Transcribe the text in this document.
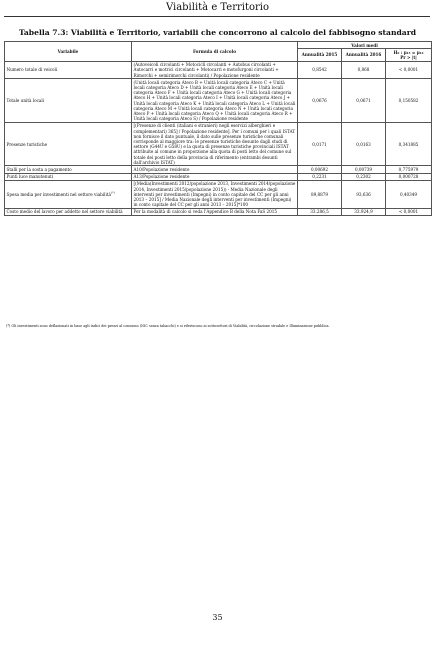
Viabilità e Territorio
Tabella 7.3: Viabilità e Territorio, variabili che concorrono al calcolo del fabbisogno standard
Variabile	Formula di calcolo	Valori medi		
		Annualità 2015	Annualità 2016	H₀ : μ₁₅ = μ₁₆
Pr > |t|
Numero totale di veicoli	(Autoveicoli circolanti + Motocicli circolanti + Autobus circolanti + Autocarri e motrici circolanti + Motocarri e motofurgoni circolanti + Rimorchi + semirimorchi circolanti) / Popolazione residente	0,8542	0,868	< 0,0001
Totale unità locali	(Unità locali categoria Ateco B + Unità locali categoria Ateco C + Unità locali categoria Ateco D + Unità locali categoria Ateco E + Unità locali categoria Ateco F + Unità locali categoria Ateco G + Unità locali categoria Ateco H + Unità locali categoria Ateco I + Unità locali categoria Ateco J + Unità locali categoria Ateco K + Unità locali categoria Ateco L + Unità locali categoria Ateco M + Unità locali categoria Ateco N + Unità locali categoria Ateco P + Unità locali categoria Ateco Q + Unità locali categoria Ateco R + Unità locali categoria Ateco S) / Popolazione residente	0,0676	0,0671	0,150582
Presenze turistiche	[(Presenze di clienti (italiani e stranieri) negli esercizi alberghieri e complementari) 365] / Popolazione residente]. Per i comuni per i quali ISTAT non fornisce il dato puntuale, il dato sulle presenze turistiche comunali corrisponde al maggiore tra: le presenze turistiche desunte dagli studi di settore (G44U e G58U) e la quota di presenze turistiche provinciali ISTAT attribuite al comune in proporzione alla quota di posti letto del comune sul totale dei posti letto della provincia di riferimento (entrambi desunti dall'archivio ISTAT)	0,0171	0,0163	0,341885
Stalli per la sosta a pagamento	A10/Popolazione residente	0,00692	0,00739	0,775979
Punti luce manutenuti	A13/Popolazione residente	0,2231	0,2302	0,000728
Spesa media per investimenti nel settore viabilità(*)	[(Media(Investimenti 2012/popolazione 2013, Investimenti 2014/popolazione 2014, Investimenti 2015/popolazione 2015)) - Media Nazionale degli interventi per investimenti (Impegni) in conto capitale del CC per gli anni 2013 – 2015] / Media Nazionale degli interventi per investimenti (Impegni) in conto capitale del CC per gli anni 2013 – 2015]*100	89,8879	93,636	0,40349
Costo medio del lavoro per addetto nel settore viabilità	Per la modalità di calcolo si veda l'Appendice B della Nota FaS 2015	33.286,5	33.924,9	< 0,0001
(*) Gli investimenti sono deflazionati in base agli indici dei prezzi al consumo (NIC senza tabacchi) e si riferiscono ai sottosettori di Viabilità, circolazione stradale e Illuminazione pubblica.
35
